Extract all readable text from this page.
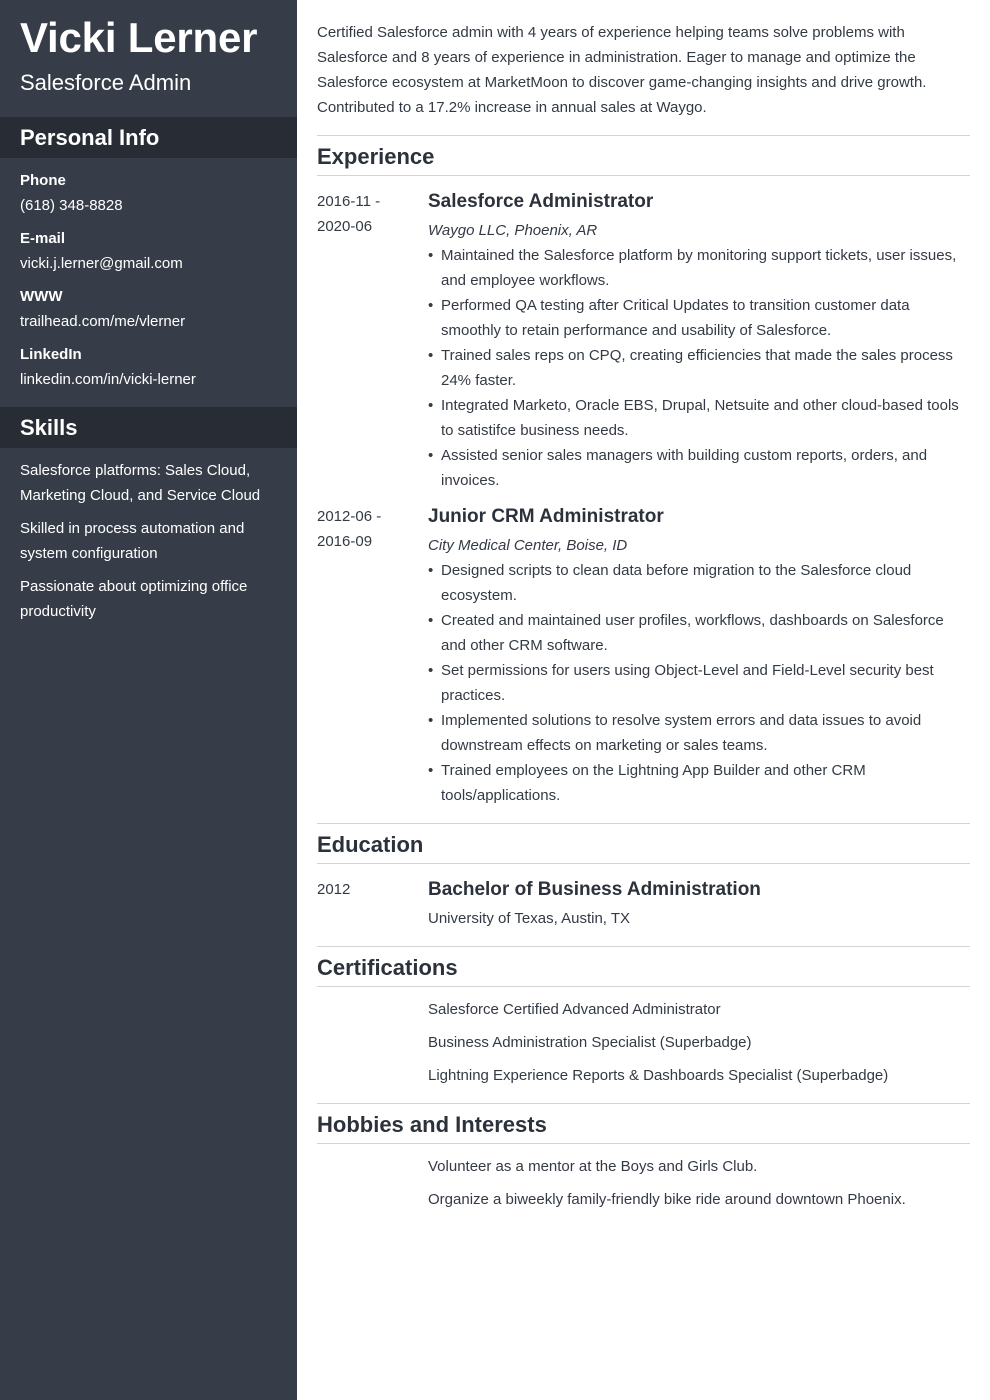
Vicki Lerner
Salesforce Admin
Personal Info
Phone
(618) 348-8828
E-mail
vicki.j.lerner@gmail.com
WWW
trailhead.com/me/vlerner
LinkedIn
linkedin.com/in/vicki-lerner
Skills
Salesforce platforms: Sales Cloud, Marketing Cloud, and Service Cloud
Skilled in process automation and system configuration
Passionate about optimizing office productivity
Certified Salesforce admin with 4 years of experience helping teams solve problems with Salesforce and 8 years of experience in administration. Eager to manage and optimize the Salesforce ecosystem at MarketMoon to discover game-changing insights and drive growth. Contributed to a 17.2% increase in annual sales at Waygo.
Experience
2016-11 -
2020-06
Salesforce Administrator
Waygo LLC, Phoenix, AR
• Maintained the Salesforce platform by monitoring support tickets, user issues, and employee workflows.
• Performed QA testing after Critical Updates to transition customer data smoothly to retain performance and usability of Salesforce.
• Trained sales reps on CPQ, creating efficiencies that made the sales process 24% faster.
• Integrated Marketo, Oracle EBS, Drupal, Netsuite and other cloud-based tools to satistifce business needs.
• Assisted senior sales managers with building custom reports, orders, and invoices.
2012-06 -
2016-09
Junior CRM Administrator
City Medical Center, Boise, ID
• Designed scripts to clean data before migration to the Salesforce cloud ecosystem.
• Created and maintained user profiles, workflows, dashboards on Salesforce and other CRM software.
• Set permissions for users using Object-Level and Field-Level security best practices.
• Implemented solutions to resolve system errors and data issues to avoid downstream effects on marketing or sales teams.
• Trained employees on the Lightning App Builder and other CRM tools/applications.
Education
2012	Bachelor of Business Administration
University of Texas, Austin, TX
Certifications
Salesforce Certified Advanced Administrator
Business Administration Specialist (Superbadge)
Lightning Experience Reports & Dashboards Specialist (Superbadge)
Hobbies and Interests
Volunteer as a mentor at the Boys and Girls Club.
Organize a biweekly family-friendly bike ride around downtown Phoenix.
